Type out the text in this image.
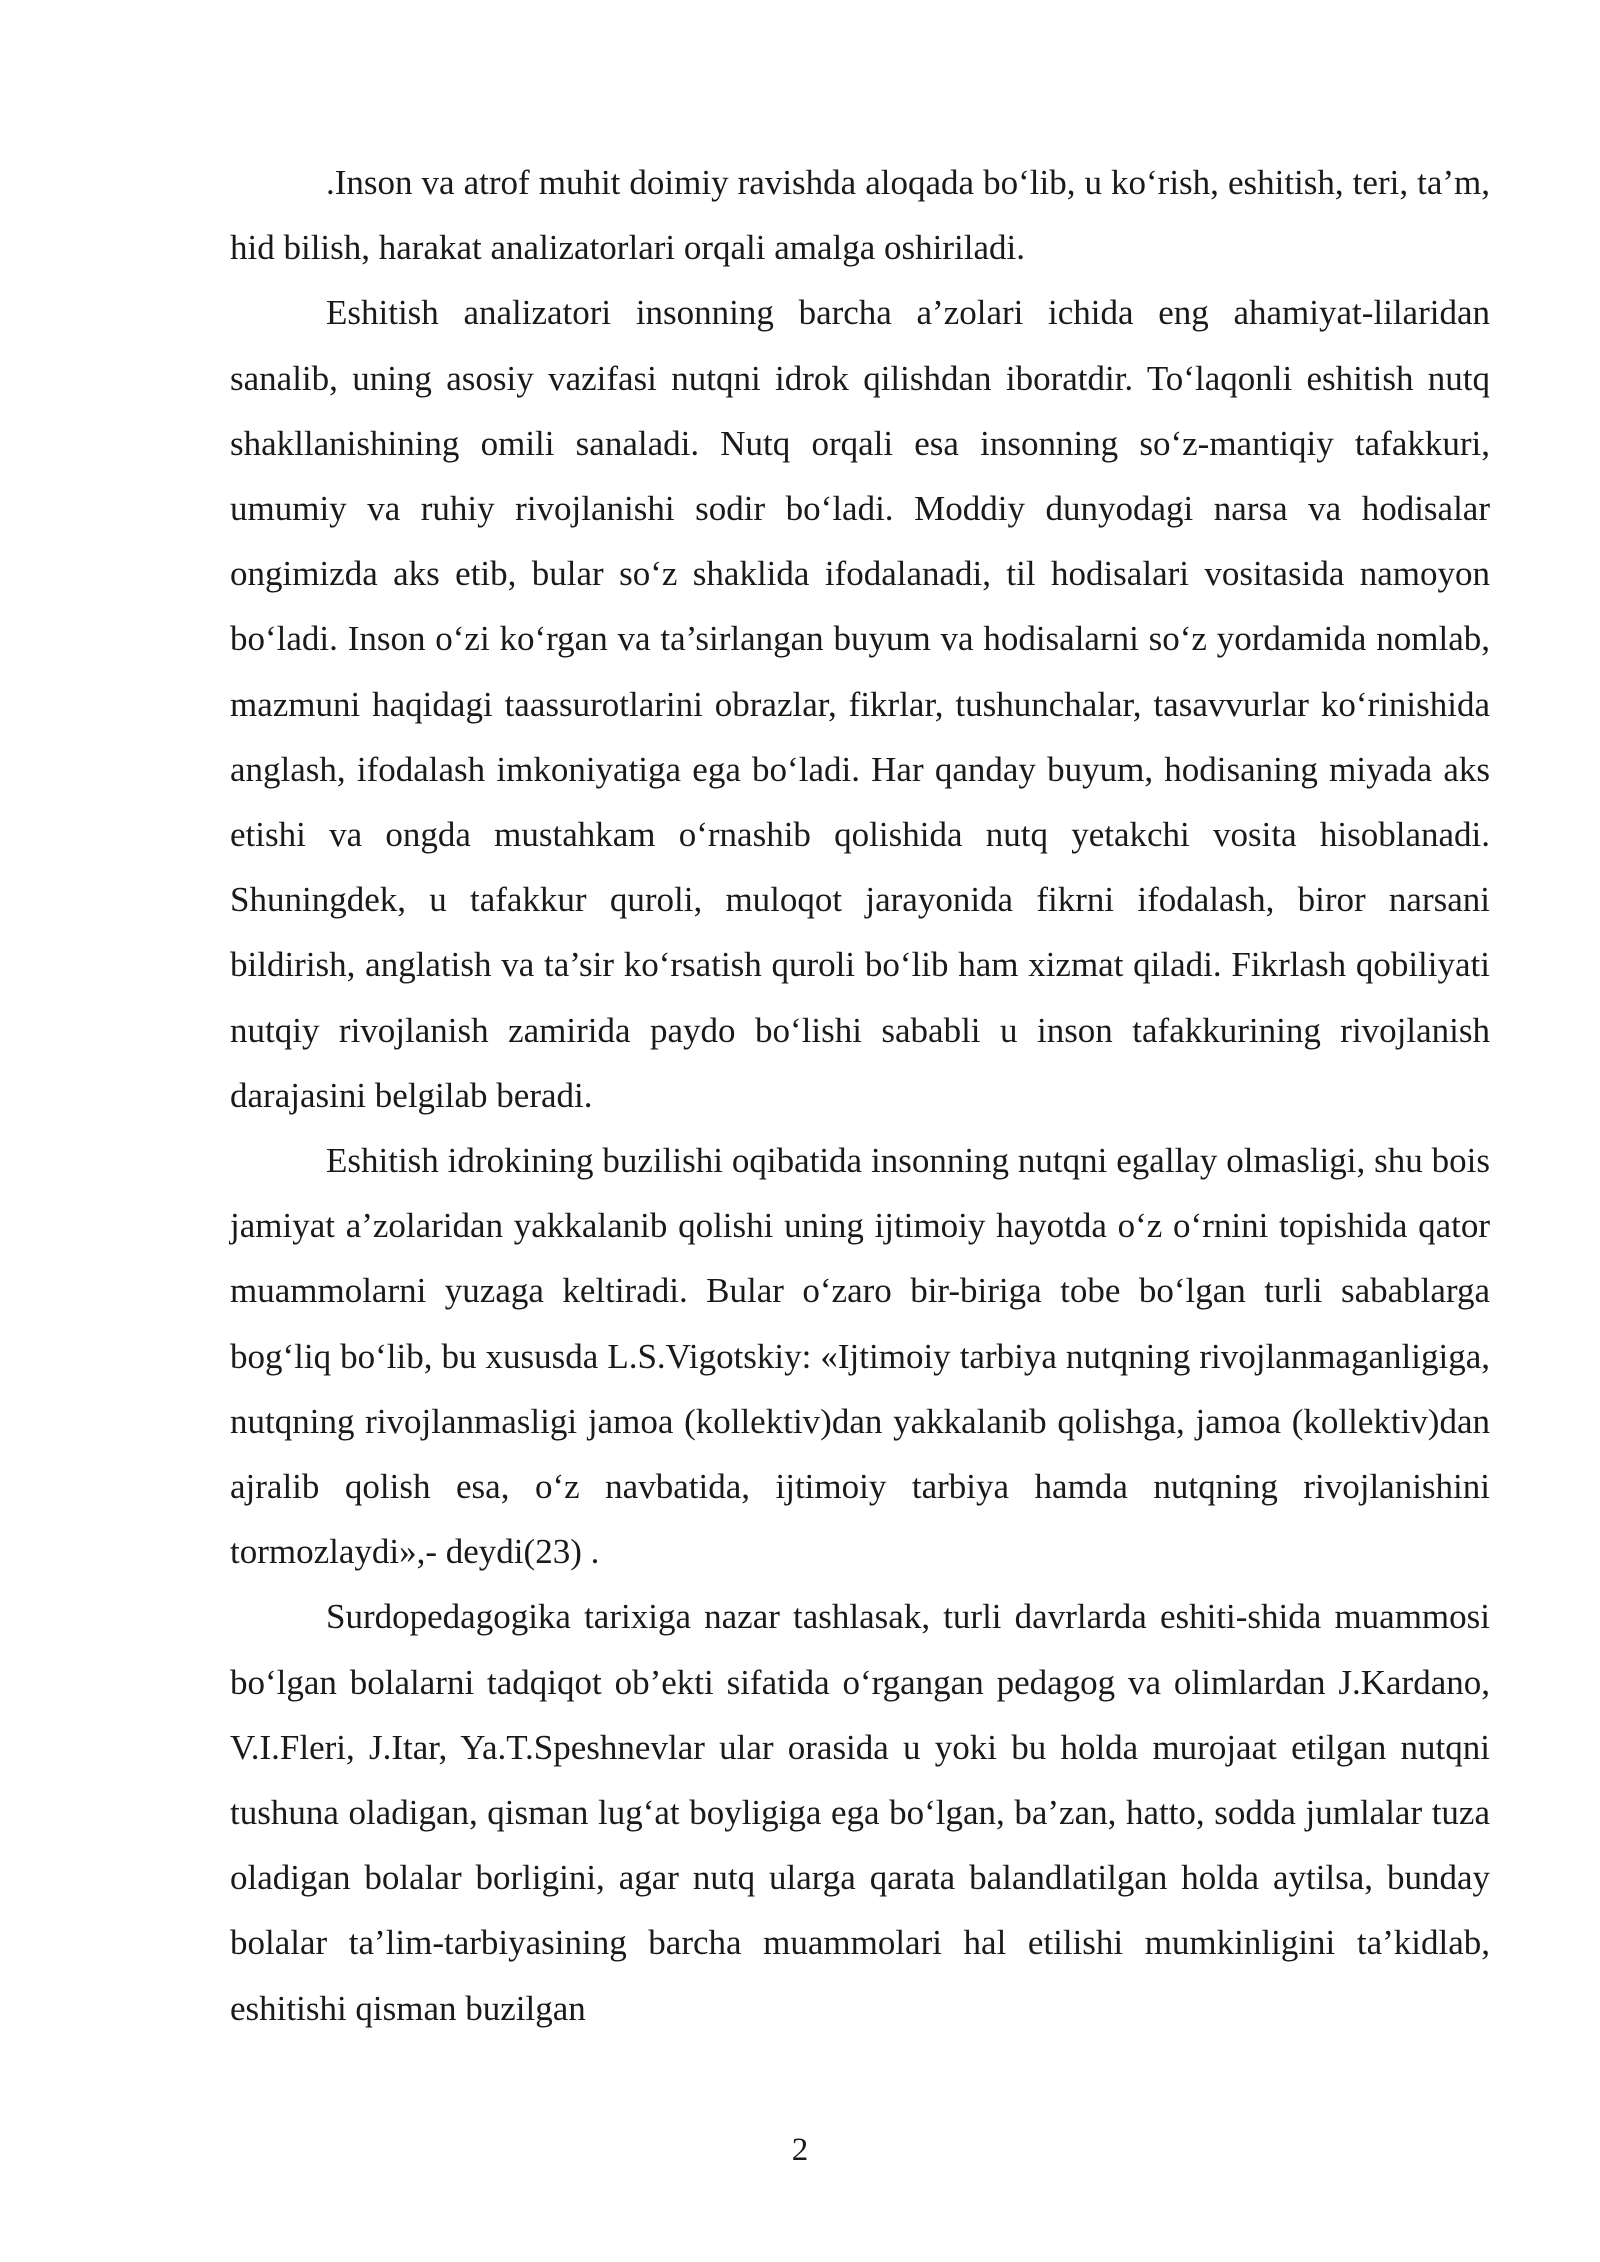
.Inson va atrof muhit doimiy ravishda aloqada bo‘lib, u ko‘rish, eshitish, teri, ta’m, hid bilish, harakat analizatorlari orqali amalga oshiriladi.

Eshitish analizatori insonning barcha a’zolari ichida eng ahamiyat-lilaridan sanalib, uning asosiy vazifasi nutqni idrok qilishdan iboratdir. To‘laqonli eshitish nutq shakllanishining omili sanaladi. Nutq orqali esa insonning so‘z-mantiqiy tafakkuri, umumiy va ruhiy rivojlanishi sodir bo‘ladi. Moddiy dunyodagi narsa va hodisalar ongimizda aks etib, bular so‘z shaklida ifodalanadi, til hodisalari vositasida namoyon bo‘ladi. Inson o‘zi ko‘rgan va ta’sirlangan buyum va hodisalarni so‘z yordamida nomlab, mazmuni haqidagi taassurotlarini obrazlar, fikrlar, tushunchalar, tasavvurlar ko‘rinishida anglash, ifodalash imkoniyatiga ega bo‘ladi. Har qanday buyum, hodisaning miyada aks etishi va ongda mustahkam o‘rnashib qolishida nutq yetakchi vosita hisoblanadi. Shuningdek, u tafakkur quroli, muloqot jarayonida fikrni ifodalash, biror narsani bildirish, anglatish va ta’sir ko‘rsatish quroli bo‘lib ham xizmat qiladi. Fikrlash qobiliyati nutqiy rivojlanish zamirida paydo bo‘lishi sababli u inson tafakkurining rivojlanish darajasini belgilab beradi.

Eshitish idrokining buzilishi oqibatida insonning nutqni egallay olmasligi, shu bois jamiyat a’zolaridan yakkalanib qolishi uning ijtimoiy hayotda o‘z o‘rnini topishida qator muammolarni yuzaga keltiradi. Bular o‘zaro bir-biriga tobe bo‘lgan turli sabablarga bog‘liq bo‘lib, bu xususda L.S.Vigotskiy: «Ijtimoiy tarbiya nutqning rivojlanmaganligiga, nutqning rivojlanmasligi jamoa (kollektiv)dan yakkalanib qolishga, jamoa (kollektiv)dan ajralib qolish esa, o‘z navbatida, ijtimoiy tarbiya hamda nutqning rivojlanishini tormozlaydi»,- deydi(23) .

Surdopedagogika tarixiga nazar tashlasak, turli davrlarda eshiti-shida muammosi bo‘lgan bolalarni tadqiqot ob’ekti sifatida o‘rgangan pedagog va olimlardan J.Kardano, V.I.Fleri, J.Itar, Ya.T.Speshnevlar ular orasida u yoki bu holda murojaat etilgan nutqni tushuna oladigan, qisman lug‘at boyligiga ega bo‘lgan, ba’zan, hatto, sodda jumlalar tuza oladigan bolalar borligini, agar nutq ularga qarata balandlatilgan holda aytilsa, bunday bolalar ta’lim-tarbiyasining barcha muammolari hal etilishi mumkinligini ta’kidlab, eshitishi qisman buzilgan

2
